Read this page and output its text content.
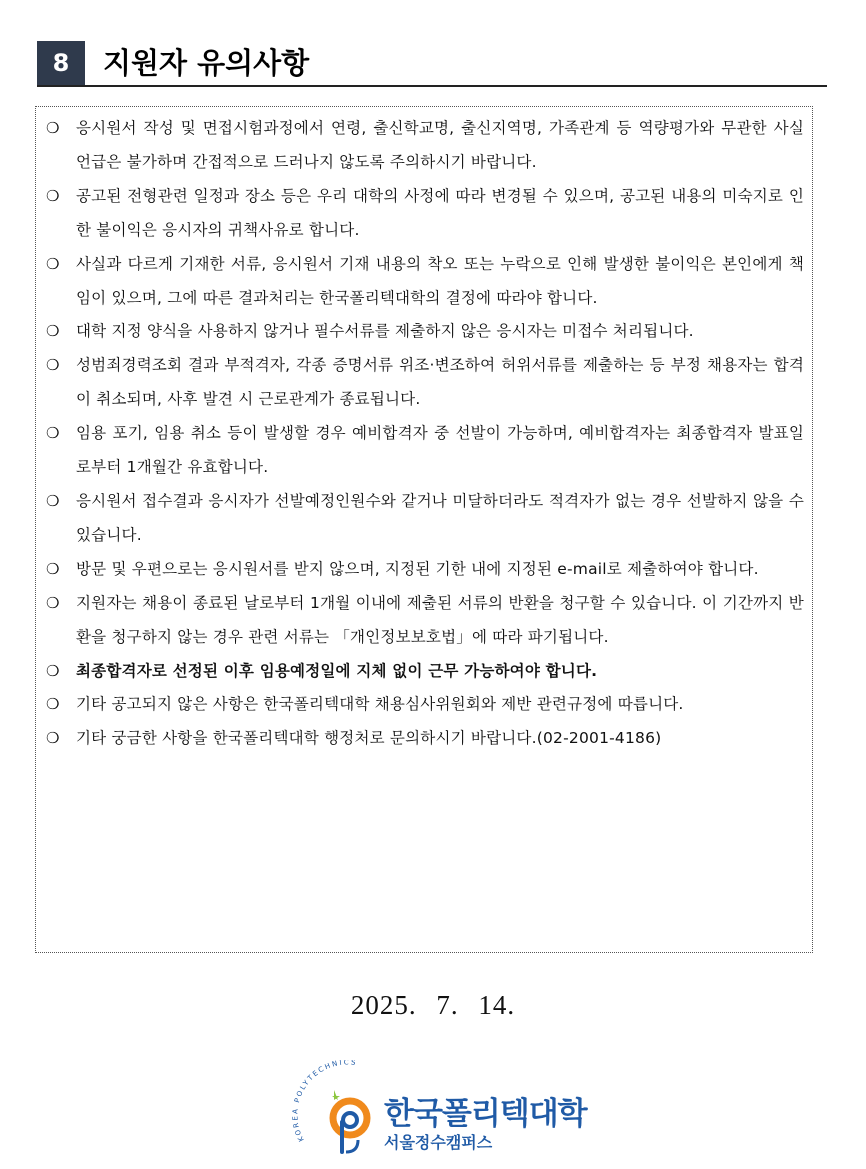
8	지원자 유의사항
❍ 응시원서 작성 및 면접시험과정에서 연령, 출신학교명, 출신지역명, 가족관계 등 역량평가와 무관한 사실 언급은 불가하며 간접적으로 드러나지 않도록 주의하시기 바랍니다.
❍ 공고된 전형관련 일정과 장소 등은 우리 대학의 사정에 따라 변경될 수 있으며, 공고된 내용의 미숙지로 인한 불이익은 응시자의 귀책사유로 합니다.
❍ 사실과 다르게 기재한 서류, 응시원서 기재 내용의 착오 또는 누락으로 인해 발생한 불이익은 본인에게 책임이 있으며, 그에 따른 결과처리는 한국폴리텍대학의 결정에 따라야 합니다.
❍ 대학 지정 양식을 사용하지 않거나 필수서류를 제출하지 않은 응시자는 미접수 처리됩니다.
❍ 성범죄경력조회 결과 부적격자, 각종 증명서류 위조·변조하여 허위서류를 제출하는 등 부정 채용자는 합격이 취소되며, 사후 발견 시 근로관계가 종료됩니다.
❍ 임용 포기, 임용 취소 등이 발생할 경우 예비합격자 중 선발이 가능하며, 예비합격자는 최종합격자 발표일로부터 1개월간 유효합니다.
❍ 응시원서 접수결과 응시자가 선발예정인원수와 같거나 미달하더라도 적격자가 없는 경우 선발하지 않을 수 있습니다.
❍ 방문 및 우편으로는 응시원서를 받지 않으며, 지정된 기한 내에 지정된 e-mail로 제출하여야 합니다.
❍ 지원자는 채용이 종료된 날로부터 1개월 이내에 제출된 서류의 반환을 청구할 수 있습니다. 이 기간까지 반환을 청구하지 않는 경우 관련 서류는 「개인정보보호법」에 따라 파기됩니다.
❍ 최종합격자로 선정된 이후 임용예정일에 지체 없이 근무 가능하여야 합니다.
❍ 기타 공고되지 않은 사항은 한국폴리텍대학 채용심사위원회와 제반 관련규정에 따릅니다.
❍ 기타 궁금한 사항을 한국폴리텍대학 행정처로 문의하시기 바랍니다.(02-2001-4186)
2025. 7. 14.
KOREA POLYTECHNICS
한국폴리텍대학
서울정수캠퍼스
